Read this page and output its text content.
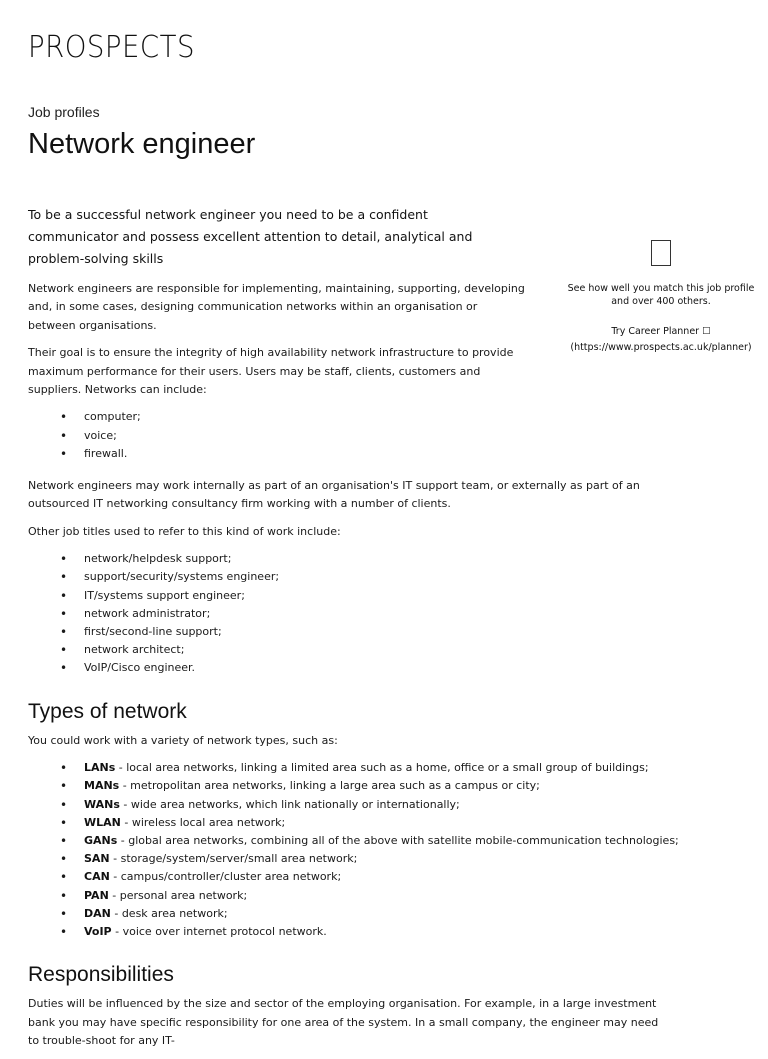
PROSPECTS
Job profiles
Network engineer

To be a successful network engineer you need to be a confident communicator and possess excellent attention to detail, analytical and problem-solving skills

Network engineers are responsible for implementing, maintaining, supporting, developing and, in some cases, designing communication networks within an organisation or between organisations.

Their goal is to ensure the integrity of high availability network infrastructure to provide maximum performance for their users. Users may be staff, clients, customers and suppliers. Networks can include:

• computer;
• voice;
• firewall.

Network engineers may work internally as part of an organisation's IT support team, or externally as part of an outsourced IT networking consultancy firm working with a number of clients.

Other job titles used to refer to this kind of work include:

• network/helpdesk support;
• support/security/systems engineer;
• IT/systems support engineer;
• network administrator;
• first/second-line support;
• network architect;
• VoIP/Cisco engineer.
Types of network

You could work with a variety of network types, such as:

• LANs - local area networks, linking a limited area such as a home, office or a small group of buildings;
• MANs - metropolitan area networks, linking a large area such as a campus or city;
• WANs - wide area networks, which link nationally or internationally;
• WLAN - wireless local area network;
• GANs - global area networks, combining all of the above with satellite mobile-communication technologies;
• SAN - storage/system/server/small area network;
• CAN - campus/controller/cluster area network;
• PAN - personal area network;
• DAN - desk area network;
• VoIP - voice over internet protocol network.
Responsibilities

Duties will be influenced by the size and sector of the employing organisation. For example, in a large investment bank you may have specific responsibility for one area of the system. In a small company, the engineer may need to trouble-shoot for any IT-

See how well you match this job profile and over 400 others.

Try Career Planner ☐

(https://www.prospects.ac.uk/planner)
